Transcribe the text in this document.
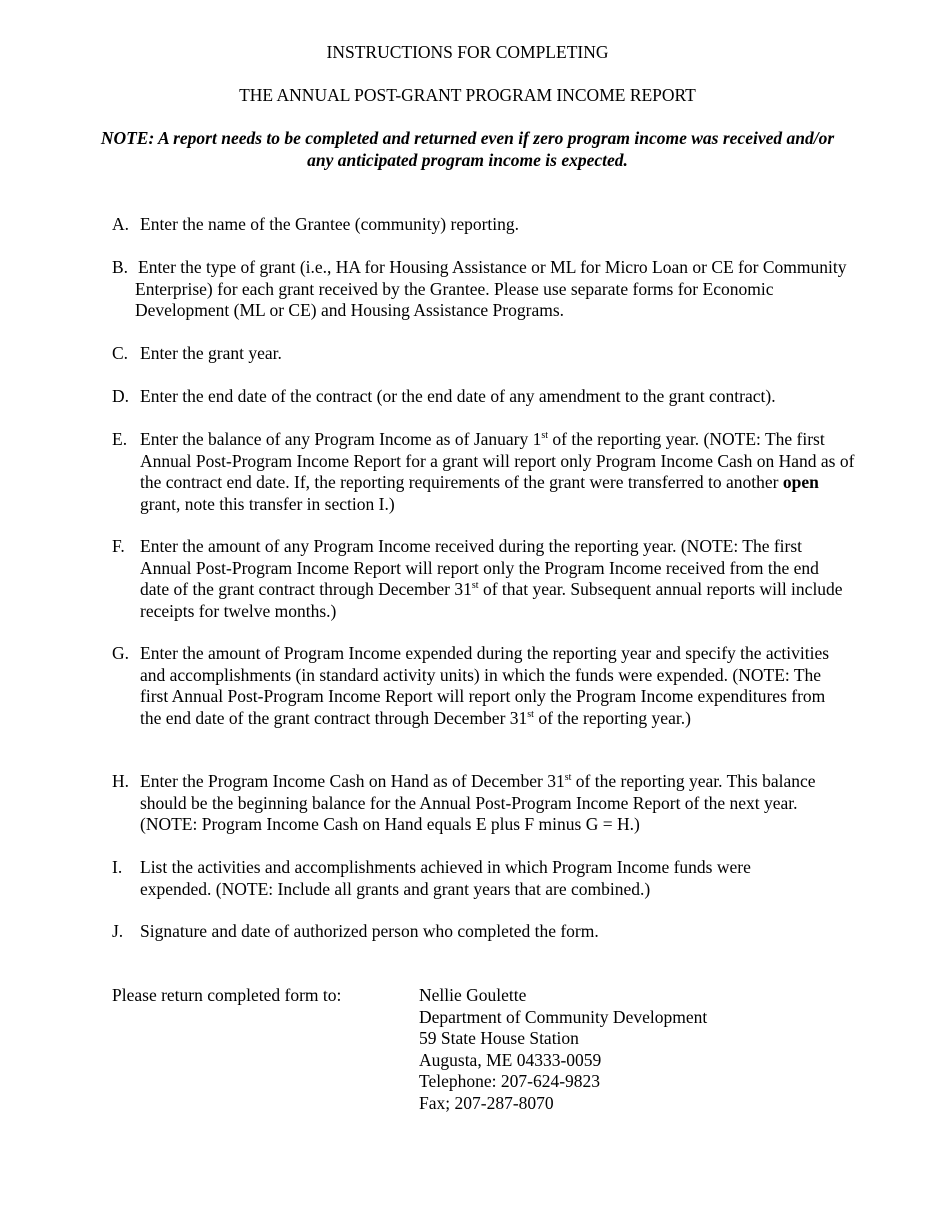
INSTRUCTIONS FOR COMPLETING
THE ANNUAL POST-GRANT PROGRAM INCOME REPORT
NOTE: A report needs to be completed and returned even if zero program income was received and/or any anticipated program income is expected.
A. Enter the name of the Grantee (community) reporting.
B. Enter the type of grant (i.e., HA for Housing Assistance or ML for Micro Loan or CE for Community Enterprise) for each grant received by the Grantee. Please use separate forms for Economic Development (ML or CE) and Housing Assistance Programs.
C. Enter the grant year.
D. Enter the end date of the contract (or the end date of any amendment to the grant contract).
E. Enter the balance of any Program Income as of January 1st of the reporting year. (NOTE: The first Annual Post-Program Income Report for a grant will report only Program Income Cash on Hand as of the contract end date. If, the reporting requirements of the grant were transferred to another open grant, note this transfer in section I.)
F. Enter the amount of any Program Income received during the reporting year. (NOTE: The first Annual Post-Program Income Report will report only the Program Income received from the end date of the grant contract through December 31st of that year. Subsequent annual reports will include receipts for twelve months.)
G. Enter the amount of Program Income expended during the reporting year and specify the activities and accomplishments (in standard activity units) in which the funds were expended. (NOTE: The first Annual Post-Program Income Report will report only the Program Income expenditures from the end date of the grant contract through December 31st of the reporting year.)
H. Enter the Program Income Cash on Hand as of December 31st of the reporting year. This balance should be the beginning balance for the Annual Post-Program Income Report of the next year. (NOTE: Program Income Cash on Hand equals E plus F minus G = H.)
I. List the activities and accomplishments achieved in which Program Income funds were expended. (NOTE: Include all grants and grant years that are combined.)
J. Signature and date of authorized person who completed the form.
Please return completed form to:	Nellie Goulette
Department of Community Development
59 State House Station
Augusta, ME 04333-0059
Telephone: 207-624-9823
Fax; 207-287-8070
